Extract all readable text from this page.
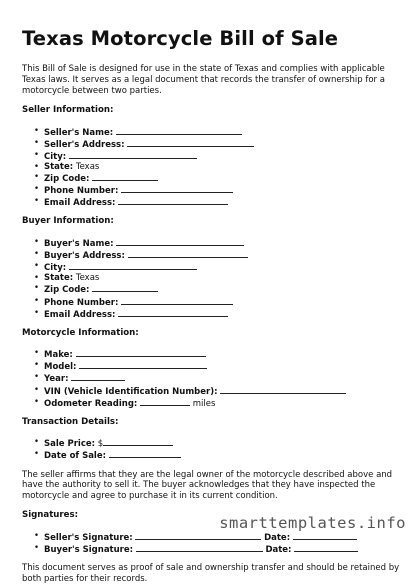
Texas Motorcycle Bill of Sale

This Bill of Sale is designed for use in the state of Texas and complies with applicable Texas laws. It serves as a legal document that records the transfer of ownership for a motorcycle between two parties.

Seller Information:
• Seller's Name:
• Seller's Address:
• City:
• State: Texas
• Zip Code:
• Phone Number:
• Email Address:
Buyer Information:
• Buyer's Name:
• Buyer's Address:
• City:
• State: Texas
• Zip Code:
• Phone Number:
• Email Address:
Motorcycle Information:
• Make:
• Model:
• Year:
• VIN (Vehicle Identification Number):
• Odometer Reading:	miles
Transaction Details:
• Sale Price: $
• Date of Sale:

The seller affirms that they are the legal owner of the motorcycle described above and have the authority to sell it. The buyer acknowledges that they have inspected the motorcycle and agree to purchase it in its current condition.

Signatures:
• Seller's Signature:	Date:
• Buyer's Signature:	Date:

This document serves as proof of sale and ownership transfer and should be retained by both parties for their records.

smarttemplates.info
